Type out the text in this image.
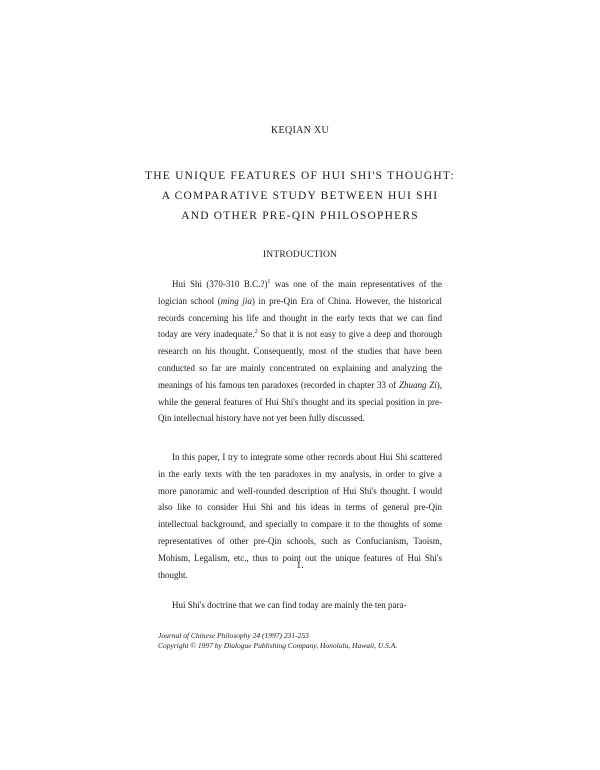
KEQIAN XU
THE UNIQUE FEATURES OF HUI SHI'S THOUGHT:
A COMPARATIVE STUDY BETWEEN HUI SHI
AND OTHER PRE-QIN PHILOSOPHERS
INTRODUCTION

Hui Shi (370-310 B.C.?)$^1$ was one of the main representatives of the logician school (ming jia) in pre-Qin Era of China. However, the historical records concerning his life and thought in the early texts that we can find today are very inadequate.$^2$ So that it is not easy to give a deep and thorough research on his thought. Consequently, most of the studies that have been conducted so far are mainly concentrated on explaining and analyzing the meanings of his famous ten paradoxes (recorded in chapter 33 of Zhuang Zi), while the general features of Hui Shi's thought and its special position in pre-Qin intellectual history have not yet been fully discussed.

In this paper, I try to integrate some other records about Hui Shi scattered in the early texts with the ten paradoxes in my analysis, in order to give a more panoramic and well-rounded description of Hui Shi's thought. I would also like to consider Hui Shi and his ideas in terms of general pre-Qin intellectual background, and specially to compare it to the thoughts of some representatives of other pre-Qin schools, such as Confucianism, Taoism, Mohism, Legalism, etc., thus to point out the unique features of Hui Shi's thought.

1.

Hui Shi's doctrine that we can find today are mainly the ten para-

Journal of Chinese Philosophy 24 (1997) 231-253
Copyright © 1997 by Dialogue Publishing Company, Honolulu, Hawaii, U.S.A.
